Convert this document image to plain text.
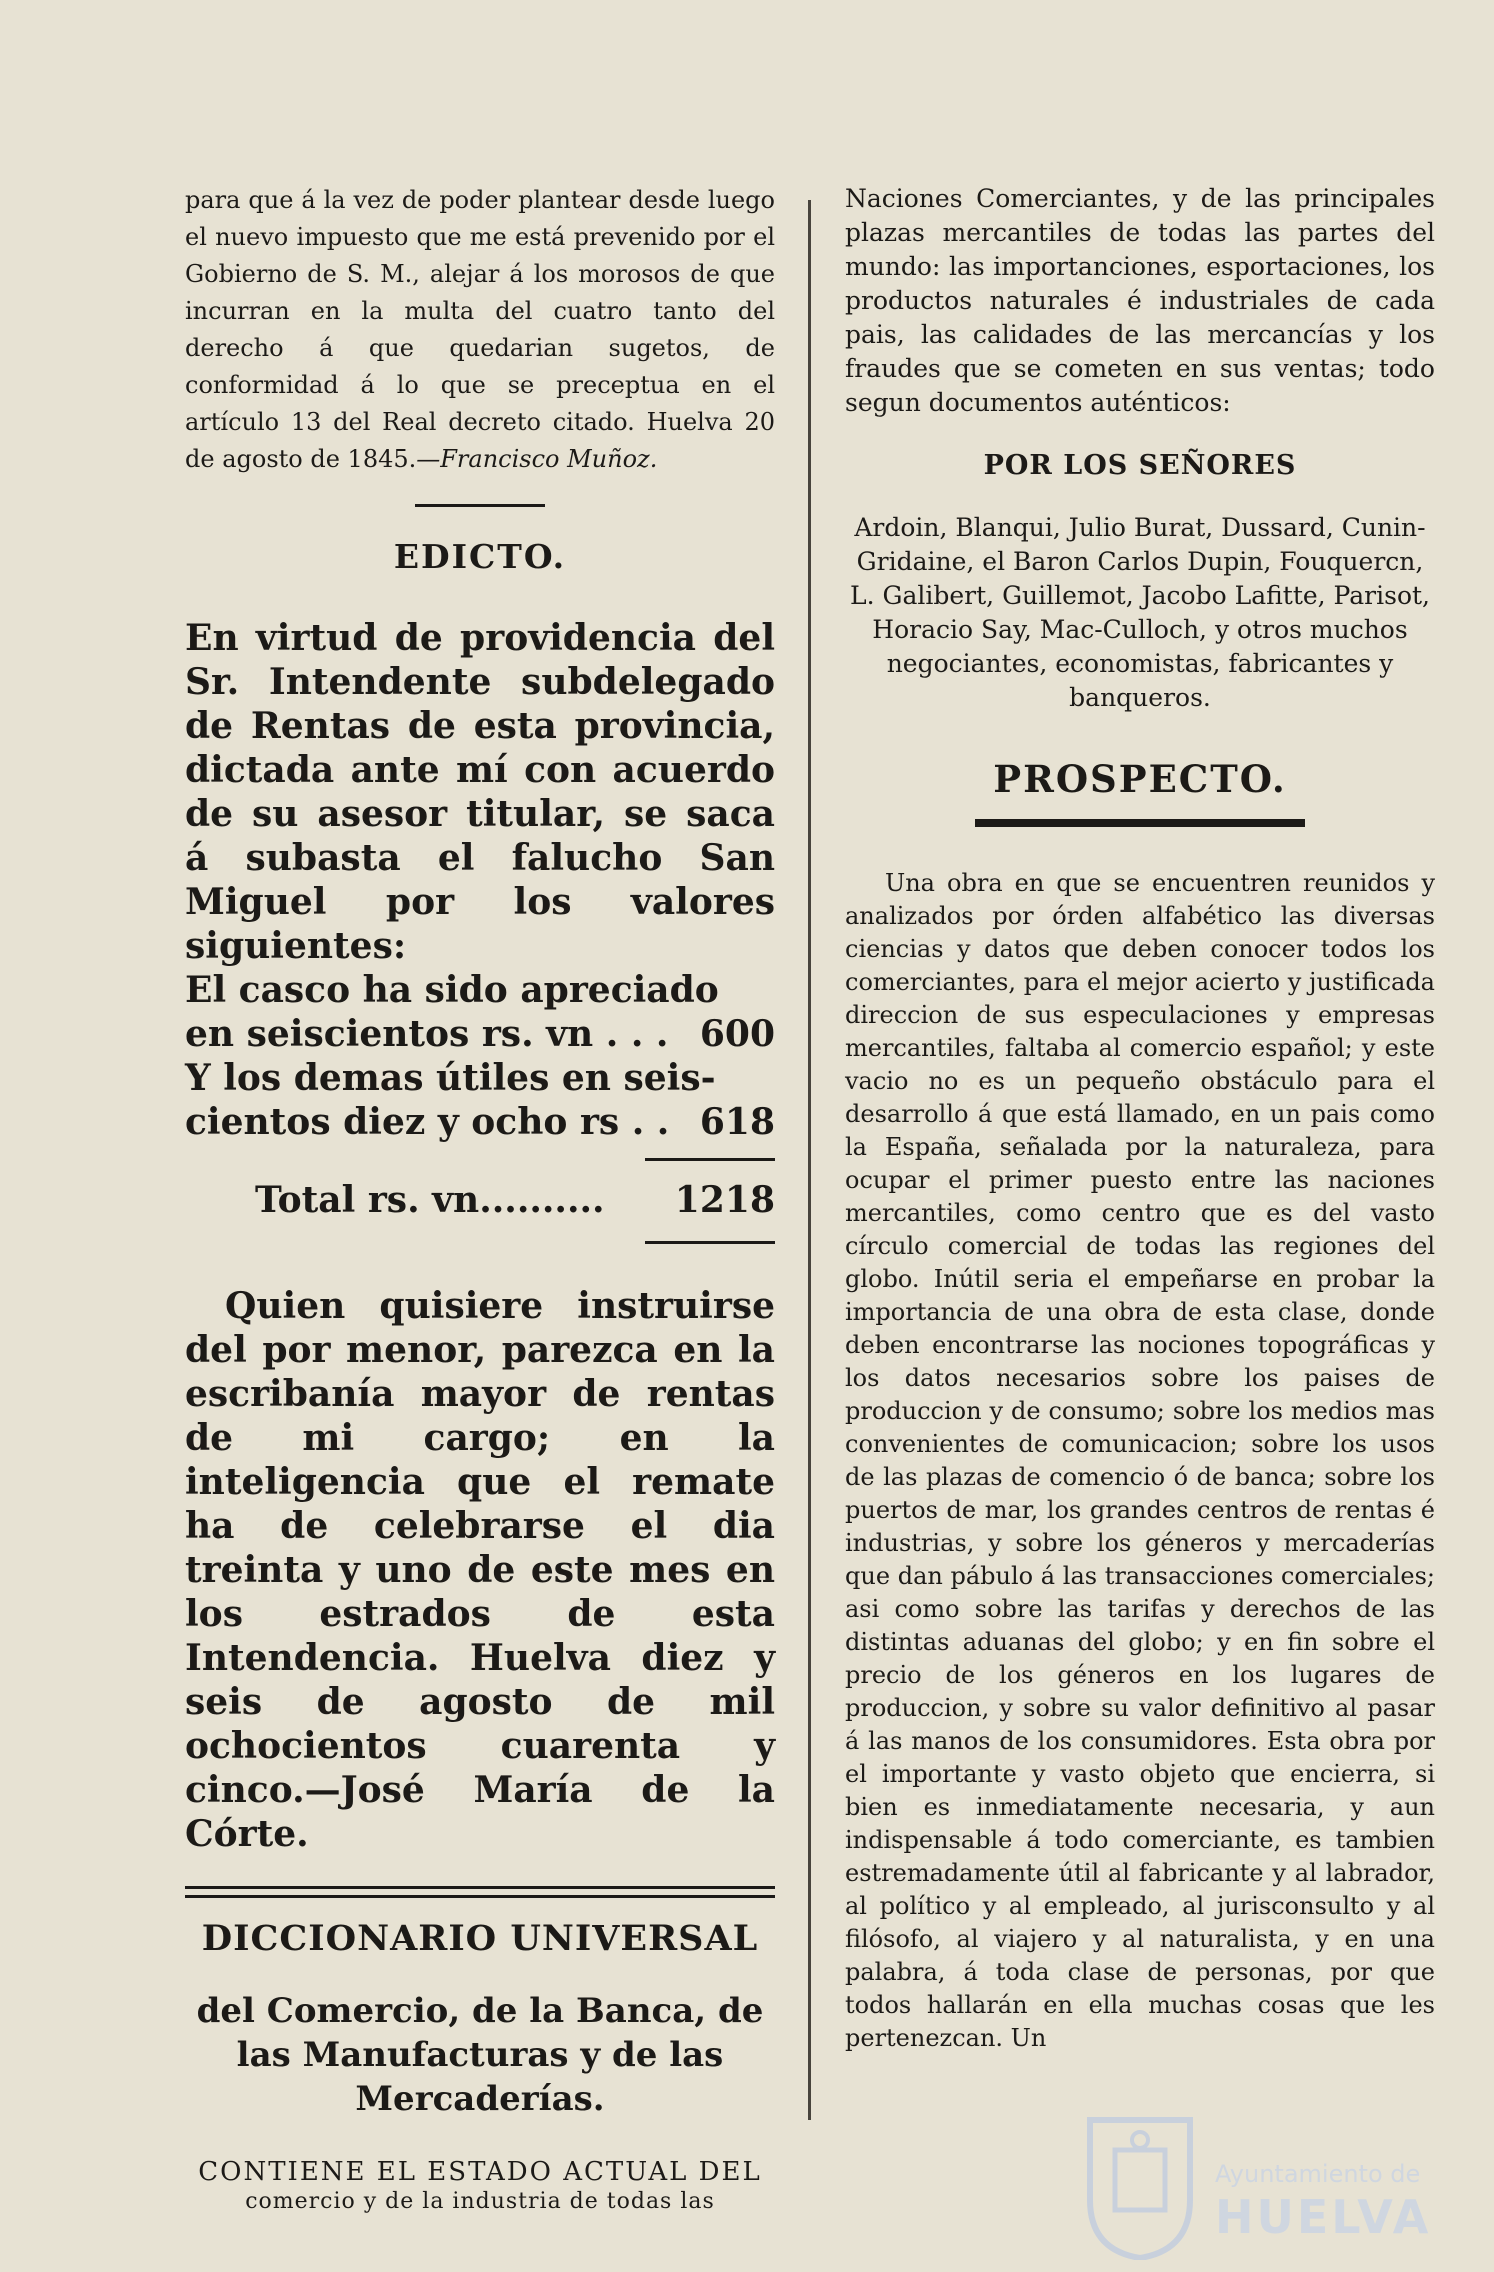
para que á la vez de poder plantear desde luego el nuevo impuesto que me está prevenido por el Gobierno de S. M., alejar á los morosos de que incurran en la multa del cuatro tanto del derecho á que quedarian sugetos, de conformidad á lo que se preceptua en el artículo 13 del Real decreto citado. Huelva 20 de agosto de 1845.—Francisco Muñoz.

EDICTO.

En virtud de providencia del Sr. Intendente subdelegado de Rentas de esta provincia, dictada ante mí con acuerdo de su asesor titular, se saca á subasta el falucho San Miguel por los valores siguientes:

El casco ha sido apreciado
en seiscientos rs. vn . . . 600
Y los demas útiles en seis-
cientos diez y ocho rs . . 618
Total rs. vn.......... 1218

Quien quisiere instruirse del por menor, parezca en la escribanía mayor de rentas de mi cargo; en la inteligencia que el remate ha de celebrarse el dia treinta y uno de este mes en los estrados de esta Intendencia. Huelva diez y seis de agosto de mil ochocientos cuarenta y cinco.—José María de la Córte.

DICCIONARIO UNIVERSAL
del Comercio, de la Banca, de las Manufacturas y de las Mercaderías.
CONTIENE EL ESTADO ACTUAL DEL
comercio y de la industria de todas las
Naciones Comerciantes, y de las principales plazas mercantiles de todas las partes del mundo: las importanciones, esportaciones, los productos naturales é industriales de cada pais, las calidades de las mercancías y los fraudes que se cometen en sus ventas; todo segun documentos auténticos:
POR LOS SEÑORES
Ardoin, Blanqui, Julio Burat, Dussard, Cunin-Gridaine, el Baron Carlos Dupin, Fouquercn, L. Galibert, Guillemot, Jacobo Lafitte, Parisot, Horacio Say, Mac-Culloch, y otros muchos negociantes, economistas, fabricantes y banqueros.
PROSPECTO.
Una obra en que se encuentren reunidos y analizados por órden alfabético las diversas ciencias y datos que deben conocer todos los comerciantes, para el mejor acierto y justificada direccion de sus especulaciones y empresas mercantiles, faltaba al comercio español; y este vacio no es un pequeño obstáculo para el desarrollo á que está llamado, en un pais como la España, señalada por la naturaleza, para ocupar el primer puesto entre las naciones mercantiles, como centro que es del vasto círculo comercial de todas las regiones del globo. Inútil seria el empeñarse en probar la importancia de una obra de esta clase, donde deben encontrarse las nociones topográficas y los datos necesarios sobre los paises de produccion y de consumo; sobre los medios mas convenientes de comunicacion; sobre los usos de las plazas de comencio ó de banca; sobre los puertos de mar, los grandes centros de rentas é industrias, y sobre los géneros y mercaderías que dan pábulo á las transacciones comerciales; asi como sobre las tarifas y derechos de las distintas aduanas del globo; y en fin sobre el precio de los géneros en los lugares de produccion, y sobre su valor definitivo al pasar á las manos de los consumidores. Esta obra por el importante y vasto objeto que encierra, si bien es inmediatamente necesaria, y aun indispensable á todo comerciante, es tambien estremadamente útil al fabricante y al labrador, al político y al empleado, al jurisconsulto y al filósofo, al viajero y al naturalista, y en una palabra, á toda clase de personas, por que todos hallarán en ella muchas cosas que les pertenezcan. Un
Ayuntamiento de
HUELVA
